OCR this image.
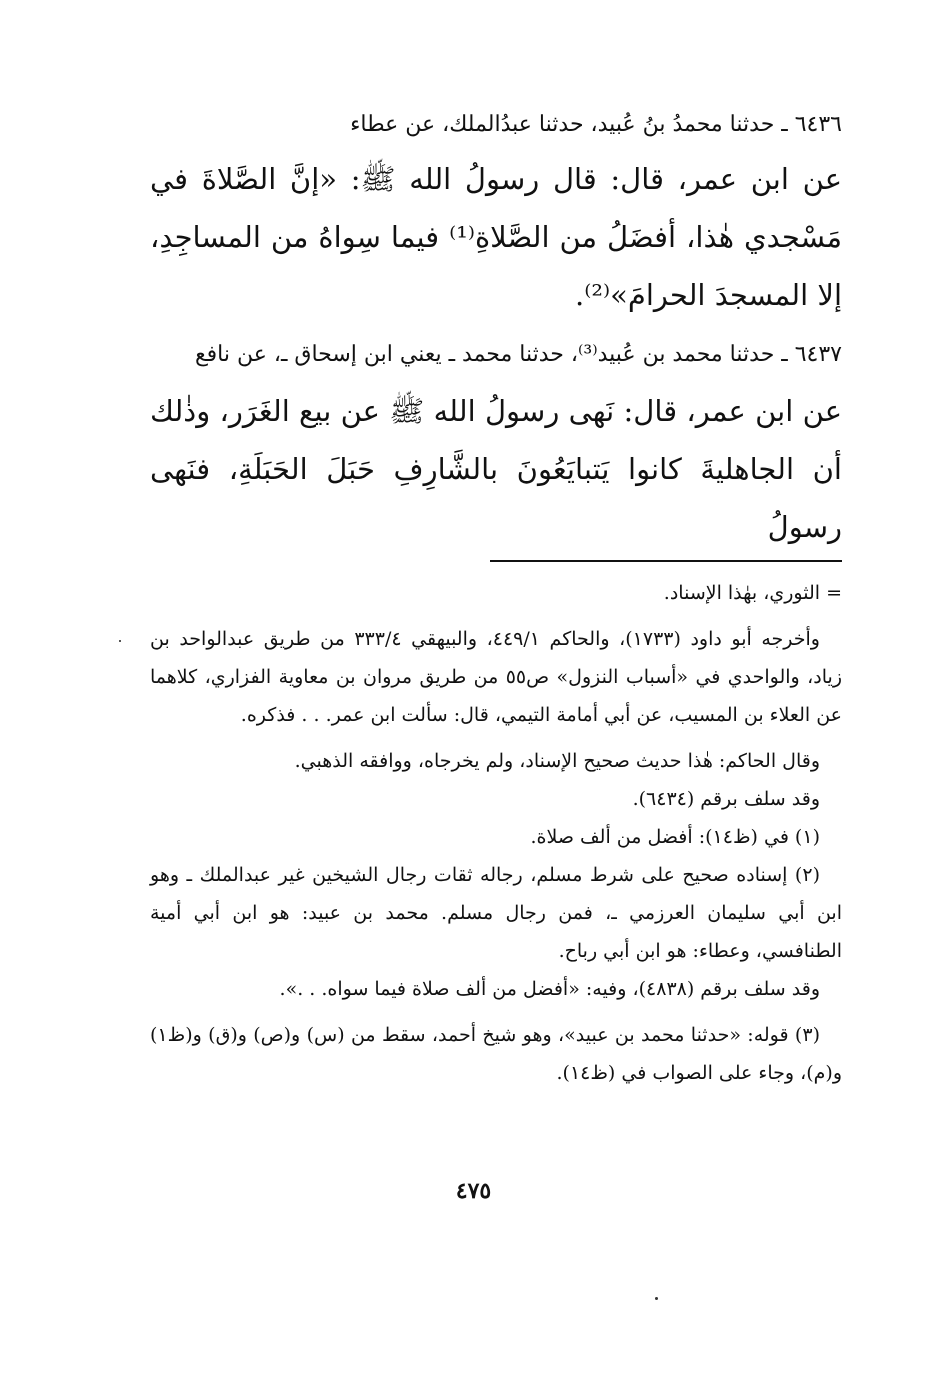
٦٤٣٦ ـ حدثنا محمدُ بنُ عُبيد، حدثنا عبدُالملك، عن عطاء

عن ابن عمر، قال: قال رسولُ الله ﷺ: «إنَّ الصَّلاةَ في مَسْجدي هٰذا، أفضَلُ من الصَّلاةِ⁽¹⁾ فيما سِواهُ من المساجِدِ، إلا المسجدَ الحرامَ»⁽²⁾.

٦٤٣٧ ـ حدثنا محمد بن عُبيد⁽³⁾، حدثنا محمد ـ يعني ابن إسحاق ـ، عن نافع

عن ابن عمر، قال: نَهى رسولُ الله ﷺ عن بيع الغَرَر، وذٰلك أن الجاهليةَ كانوا يَتبايَعُونَ بالشَّارِفِ حَبَلَ الحَبَلَةِ، فنَهى رسولُ

= الثوري، بهٰذا الإسناد.

وأخرجه أبو داود (١٧٣٣)، والحاكم ٤٤٩/١، والبيهقي ٣٣٣/٤ من طريق عبدالواحد بن زياد، والواحدي في «أسباب النزول» ص٥٥ من طريق مروان بن معاوية الفزاري، كلاهما عن العلاء بن المسيب، عن أبي أمامة التيمي، قال: سألت ابن عمر. . . فذكره.

وقال الحاكم: هٰذا حديث صحيح الإسناد، ولم يخرجاه، ووافقه الذهبي.

وقد سلف برقم (٦٤٣٤).

(١) في (ظ١٤): أفضل من ألف صلاة.

(٢) إسناده صحيح على شرط مسلم، رجاله ثقات رجال الشيخين غير عبدالملك ـ وهو ابن أبي سليمان العرزمي ـ، فمن رجال مسلم. محمد بن عبيد: هو ابن أبي أمية الطنافسي، وعطاء: هو ابن أبي رباح.

وقد سلف برقم (٤٨٣٨)، وفيه: «أفضل من ألف صلاة فيما سواه. . .».

(٣) قوله: «حدثنا محمد بن عبيد»، وهو شيخ أحمد، سقط من (س) و(ص) و(ق) و(ظ١) و(م)، وجاء على الصواب في (ظ١٤).

٤٧٥
